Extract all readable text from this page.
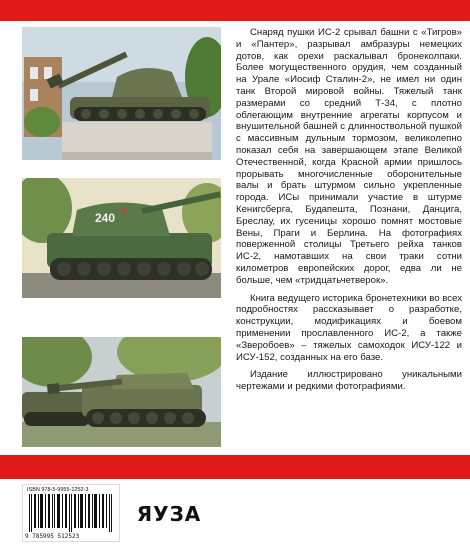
240

Снаряд пушки ИС-2 срывал башни с «Тигров» и «Пантер», разрывал амбразуры немецких дотов, как орехи раскалывал бронеколпаки. Более могущественного орудия, чем созданный на Урале «Иосиф Сталин-2», не имел ни один танк Второй мировой войны. Тяжелый танк размерами со средний Т-34, с плотно облегающим внутренние агрегаты корпусом и внушительной башней с длинноствольной пушкой с массивным дульным тормозом, великолепно показал себя на завершающем этапе Великой Отечественной, когда Красной армии пришлось прорывать многочисленные оборонительные валы и брать штурмом сильно укрепленные города. ИСы принимали участие в штурме Кенигсберга, Будапешта, Познани, Данцига, Бреслау, их гусеницы хорошо помнят мостовые Вены, Праги и Берлина. На фотографиях поверженной столицы Третьего рейха танков ИС-2, намотавших на свои траки сотни километров европейских дорог, едва ли не больше, чем «тридцатьчетверок».

Книга ведущего историка бронетехники во всех подробностях рассказывает о разработке, конструкции, модификациях и боевом применении прославленного ИС-2, а также «Зверобоев» – тяжелых самоходок ИСУ-122 и ИСУ-152, созданных на его базе.

Издание иллюстрировано уникальными чертежами и редкими фотографиями.

ISBN 978-5-9955-1252-3
9 785995 512523
ЯУЗА
